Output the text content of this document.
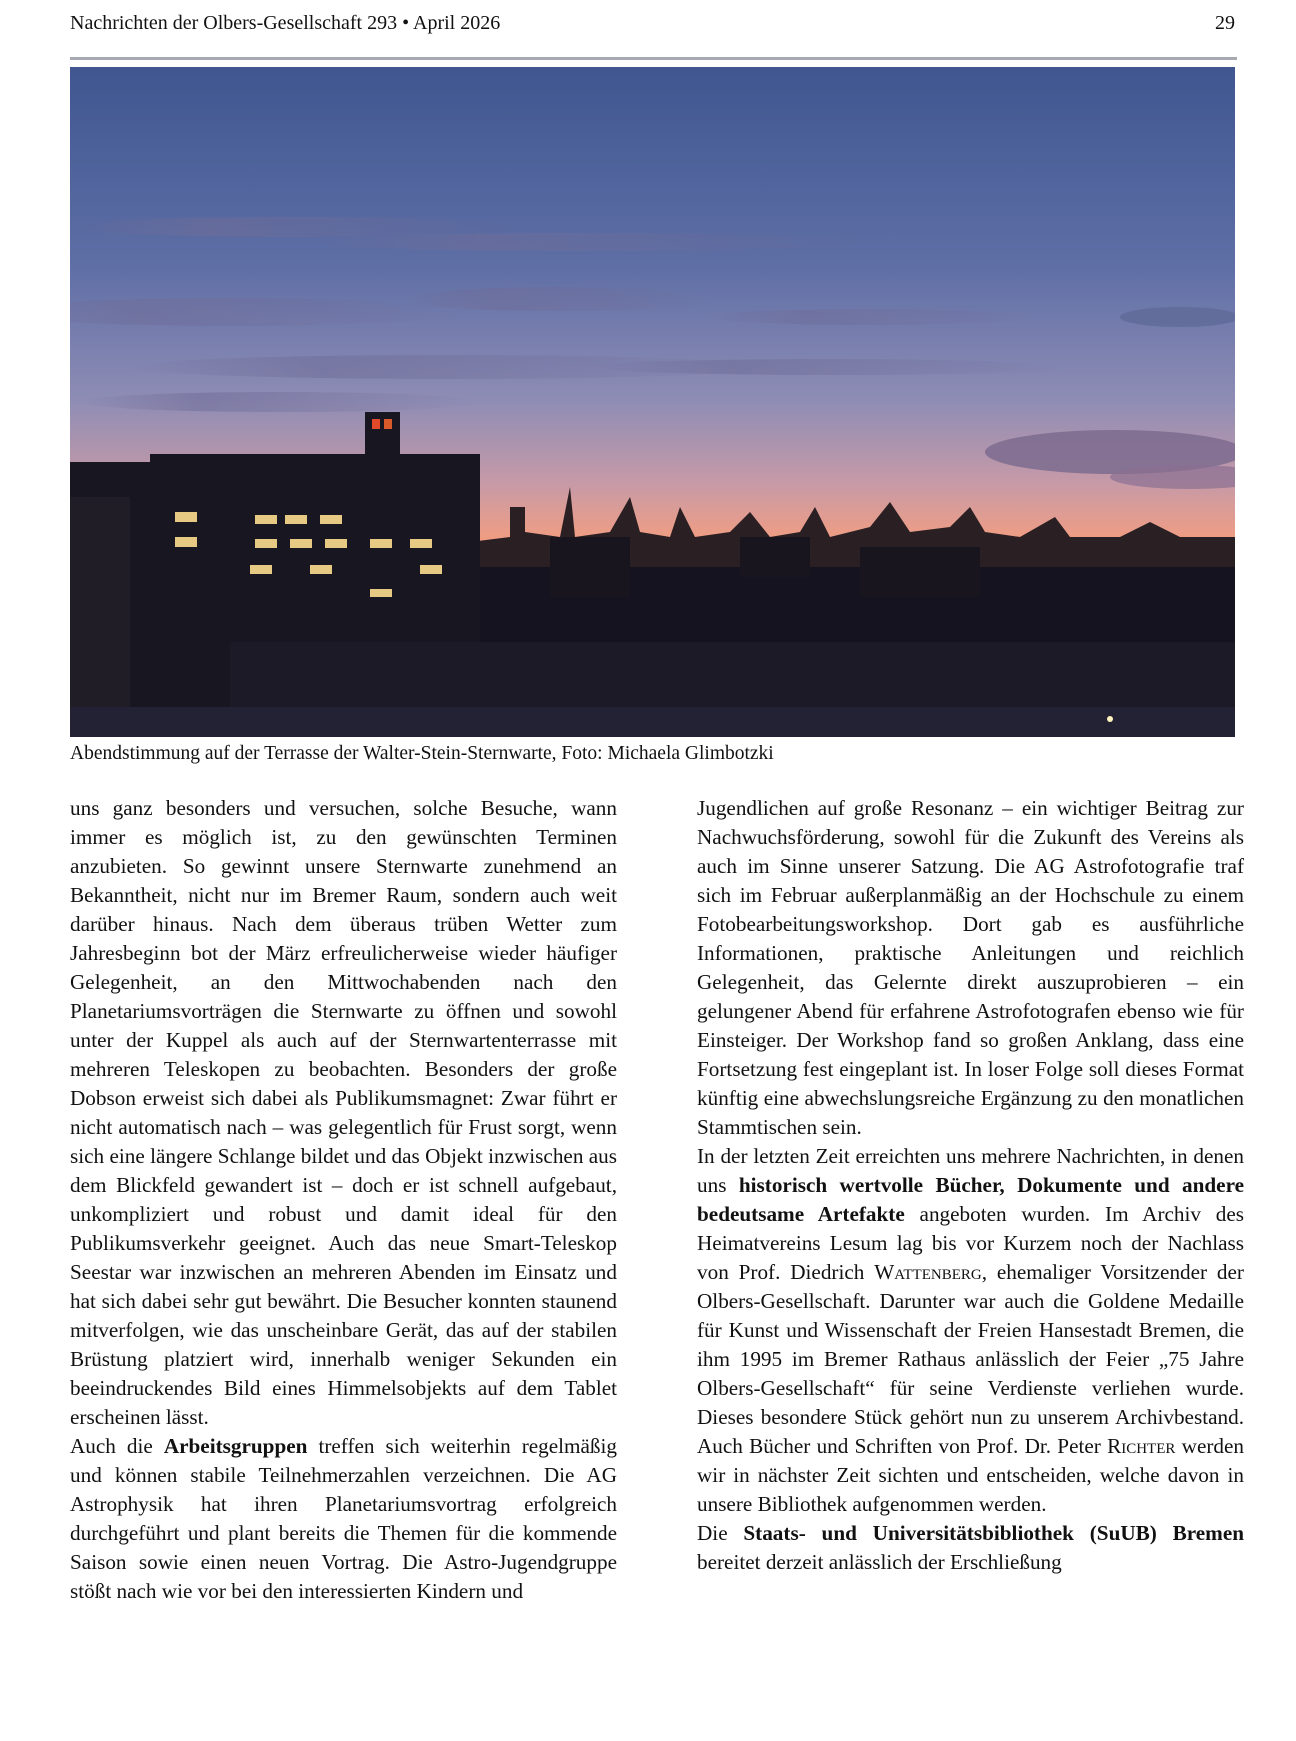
Nachrichten der Olbers-Gesellschaft 293 • April 2026	29
Abendstimmung auf der Terrasse der Walter-Stein-Sternwarte, Foto: Michaela Glimbotzki

uns ganz besonders und versuchen, solche Besuche, wann immer es möglich ist, zu den gewünschten Terminen anzubieten. So gewinnt unsere Sternwarte zunehmend an Bekanntheit, nicht nur im Bremer Raum, sondern auch weit darüber hinaus. Nach dem überaus trüben Wetter zum Jahresbeginn bot der März erfreulicherweise wieder häufiger Gelegenheit, an den Mittwochabenden nach den Planetariumsvorträgen die Sternwarte zu öffnen und sowohl unter der Kuppel als auch auf der Sternwartenterrasse mit mehreren Teleskopen zu beobachten. Besonders der große Dobson erweist sich dabei als Publikumsmagnet: Zwar führt er nicht automatisch nach – was gelegentlich für Frust sorgt, wenn sich eine längere Schlange bildet und das Objekt inzwischen aus dem Blickfeld gewandert ist – doch er ist schnell aufgebaut, unkompliziert und robust und damit ideal für den Publikumsverkehr geeignet. Auch das neue Smart-Teleskop Seestar war inzwischen an mehreren Abenden im Einsatz und hat sich dabei sehr gut bewährt. Die Besucher konnten staunend mitverfolgen, wie das unscheinbare Gerät, das auf der stabilen Brüstung platziert wird, innerhalb weniger Sekunden ein beeindruckendes Bild eines Himmelsobjekts auf dem Tablet erscheinen lässt.

Auch die Arbeitsgruppen treffen sich weiterhin regelmäßig und können stabile Teilnehmerzahlen verzeichnen. Die AG Astrophysik hat ihren Planetariumsvortrag erfolgreich durchgeführt und plant bereits die Themen für die kommende Saison sowie einen neuen Vortrag. Die Astro-Jugendgruppe stößt nach wie vor bei den interessierten Kindern und

Jugendlichen auf große Resonanz – ein wichtiger Beitrag zur Nachwuchsförderung, sowohl für die Zukunft des Vereins als auch im Sinne unserer Satzung. Die AG Astrofotografie traf sich im Februar außerplanmäßig an der Hochschule zu einem Fotobearbeitungsworkshop. Dort gab es ausführliche Informationen, praktische Anleitungen und reichlich Gelegenheit, das Gelernte direkt auszuprobieren – ein gelungener Abend für erfahrene Astrofotografen ebenso wie für Einsteiger. Der Workshop fand so großen Anklang, dass eine Fortsetzung fest eingeplant ist. In loser Folge soll dieses Format künftig eine abwechslungsreiche Ergänzung zu den monatlichen Stammtischen sein.

In der letzten Zeit erreichten uns mehrere Nachrichten, in denen uns historisch wertvolle Bücher, Dokumente und andere bedeutsame Artefakte angeboten wurden. Im Archiv des Heimatvereins Lesum lag bis vor Kurzem noch der Nachlass von Prof. Diedrich Wattenberg, ehemaliger Vorsitzender der Olbers-Gesellschaft. Darunter war auch die Goldene Medaille für Kunst und Wissenschaft der Freien Hansestadt Bremen, die ihm 1995 im Bremer Rathaus anlässlich der Feier „75 Jahre Olbers-Gesellschaft“ für seine Verdienste verliehen wurde. Dieses besondere Stück gehört nun zu unserem Archivbestand. Auch Bücher und Schriften von Prof. Dr. Peter Richter werden wir in nächster Zeit sichten und entscheiden, welche davon in unsere Bibliothek aufgenommen werden.

Die Staats- und Universitätsbibliothek (SuUB) Bremen bereitet derzeit anlässlich der Erschließung
